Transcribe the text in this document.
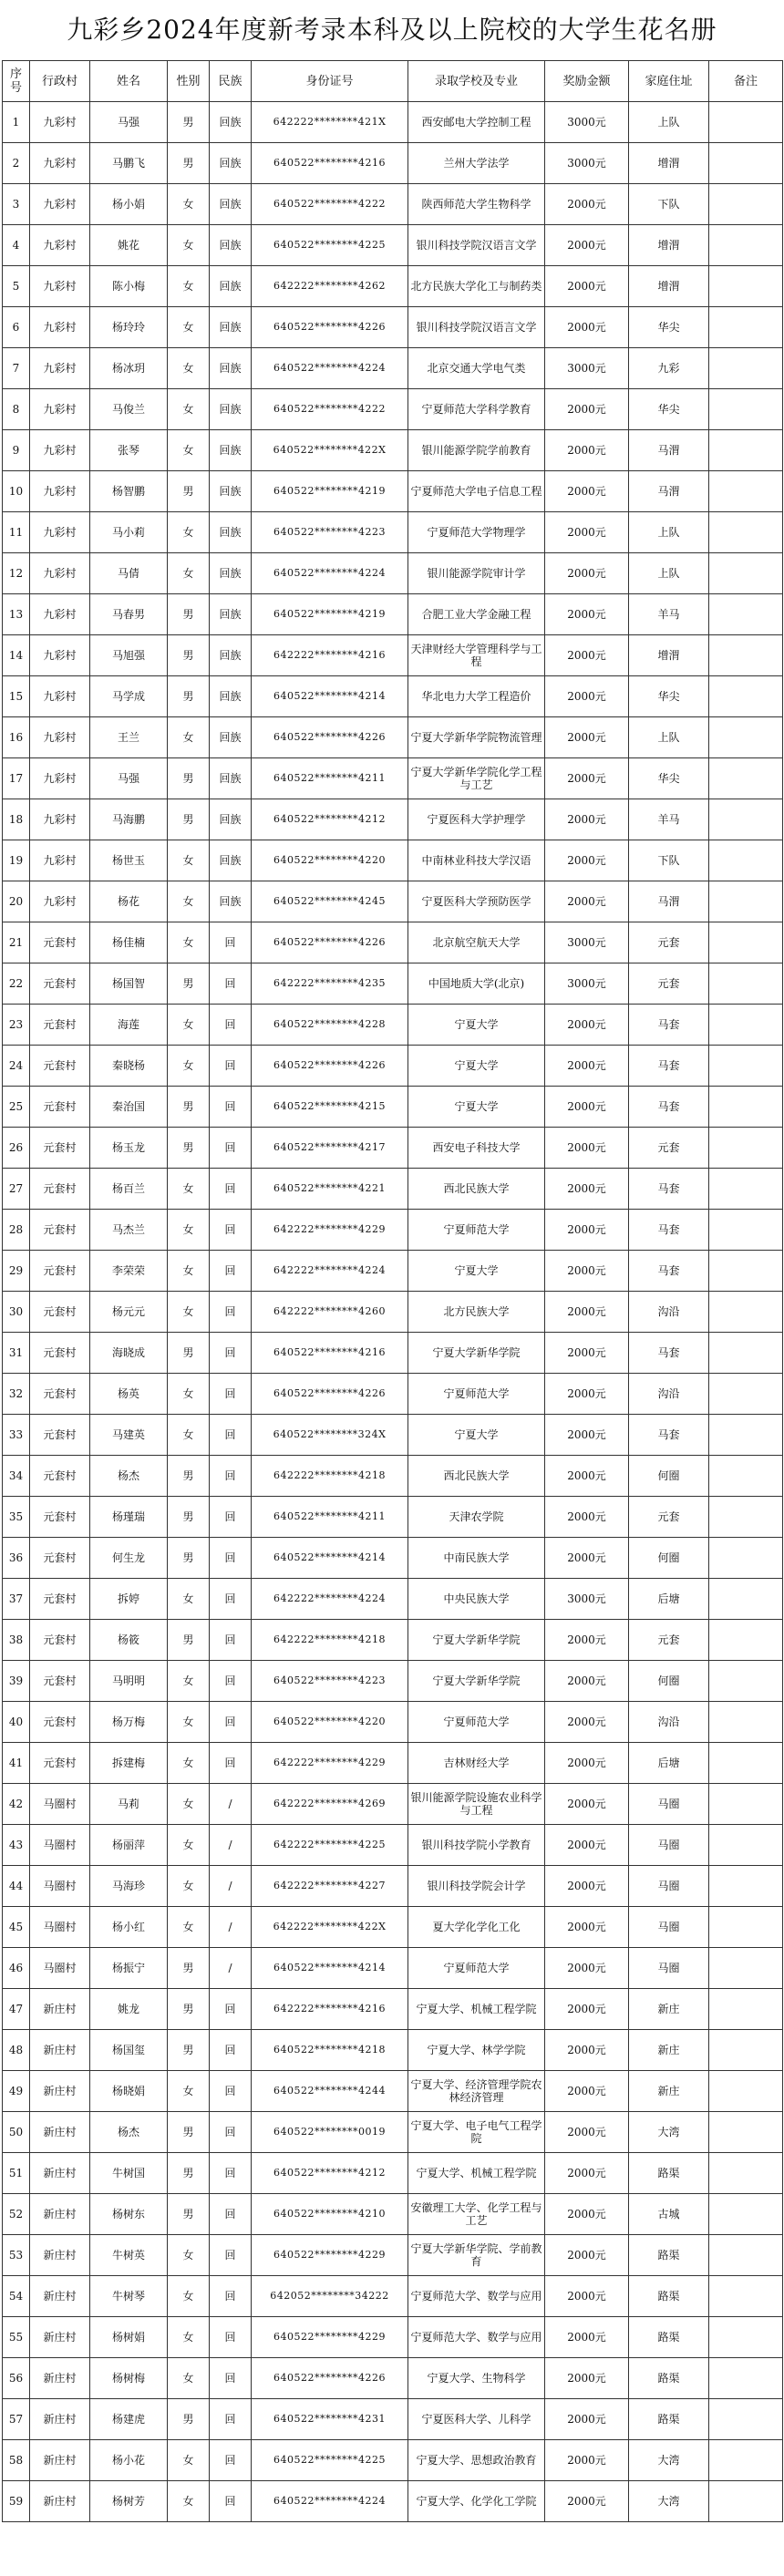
九彩乡2024年度新考录本科及以上院校的大学生花名册
序号	行政村	姓名	性别	民族	身份证号	录取学校及专业	奖励金额	家庭住址	备注
1	九彩村	马强	男	回族	642222********421X	西安邮电大学控制工程	3000元	上队	
2	九彩村	马鹏飞	男	回族	640522********4216	兰州大学法学	3000元	增渭	
3	九彩村	杨小娟	女	回族	640522********4222	陕西师范大学生物科学	2000元	下队	
4	九彩村	姚花	女	回族	640522********4225	银川科技学院汉语言文学	2000元	增渭	
5	九彩村	陈小梅	女	回族	642222********4262	北方民族大学化工与制药类	2000元	增渭	
6	九彩村	杨玲玲	女	回族	640522********4226	银川科技学院汉语言文学	2000元	华尖	
7	九彩村	杨冰玥	女	回族	640522********4224	北京交通大学电气类	3000元	九彩	
8	九彩村	马俊兰	女	回族	640522********4222	宁夏师范大学科学教育	2000元	华尖	
9	九彩村	张琴	女	回族	640522********422X	银川能源学院学前教育	2000元	马渭	
10	九彩村	杨智鹏	男	回族	640522********4219	宁夏师范大学电子信息工程	2000元	马渭	
11	九彩村	马小莉	女	回族	640522********4223	宁夏师范大学物理学	2000元	上队	
12	九彩村	马倩	女	回族	640522********4224	银川能源学院审计学	2000元	上队	
13	九彩村	马春男	男	回族	640522********4219	合肥工业大学金融工程	2000元	羊马	
14	九彩村	马旭强	男	回族	642222********4216	天津财经大学管理科学与工程	2000元	增渭	
15	九彩村	马学成	男	回族	640522********4214	华北电力大学工程造价	2000元	华尖	
16	九彩村	王兰	女	回族	640522********4226	宁夏大学新华学院物流管理	2000元	上队	
17	九彩村	马强	男	回族	640522********4211	宁夏大学新华学院化学工程与工艺	2000元	华尖	
18	九彩村	马海鹏	男	回族	640522********4212	宁夏医科大学护理学	2000元	羊马	
19	九彩村	杨世玉	女	回族	640522********4220	中南林业科技大学汉语	2000元	下队	
20	九彩村	杨花	女	回族	640522********4245	宁夏医科大学预防医学	2000元	马渭	
21	元套村	杨佳楠	女	回	640522********4226	北京航空航天大学	3000元	元套	
22	元套村	杨国智	男	回	642222********4235	中国地质大学(北京)	3000元	元套	
23	元套村	海莲	女	回	640522********4228	宁夏大学	2000元	马套	
24	元套村	秦晓杨	女	回	640522********4226	宁夏大学	2000元	马套	
25	元套村	秦治国	男	回	640522********4215	宁夏大学	2000元	马套	
26	元套村	杨玉龙	男	回	640522********4217	西安电子科技大学	2000元	元套	
27	元套村	杨百兰	女	回	640522********4221	西北民族大学	2000元	马套	
28	元套村	马杰兰	女	回	642222********4229	宁夏师范大学	2000元	马套	
29	元套村	李荣荣	女	回	642222********4224	宁夏大学	2000元	马套	
30	元套村	杨元元	女	回	642222********4260	北方民族大学	2000元	沟沿	
31	元套村	海晓成	男	回	640522********4216	宁夏大学新华学院	2000元	马套	
32	元套村	杨英	女	回	640522********4226	宁夏师范大学	2000元	沟沿	
33	元套村	马建英	女	回	640522********324X	宁夏大学	2000元	马套	
34	元套村	杨杰	男	回	642222********4218	西北民族大学	2000元	何圈	
35	元套村	杨瑾瑞	男	回	640522********4211	天津农学院	2000元	元套	
36	元套村	何生龙	男	回	640522********4214	中南民族大学	2000元	何圈	
37	元套村	拆婷	女	回	642222********4224	中央民族大学	3000元	后塘	
38	元套村	杨筱	男	回	642222********4218	宁夏大学新华学院	2000元	元套	
39	元套村	马明明	女	回	640522********4223	宁夏大学新华学院	2000元	何圈	
40	元套村	杨万梅	女	回	640522********4220	宁夏师范大学	2000元	沟沿	
41	元套村	拆建梅	女	回	642222********4229	吉林财经大学	2000元	后塘	
42	马圈村	马莉	女	/	642222********4269	银川能源学院设施农业科学与工程	2000元	马圈	
43	马圈村	杨丽萍	女	/	642222********4225	银川科技学院小学教育	2000元	马圈	
44	马圈村	马海珍	女	/	642222********4227	银川科技学院会计学	2000元	马圈	
45	马圈村	杨小红	女	/	642222********422X	夏大学化学化工化	2000元	马圈	
46	马圈村	杨振宁	男	/	640522********4214	宁夏师范大学	2000元	马圈	
47	新庄村	姚龙	男	回	642222********4216	宁夏大学、机械工程学院	2000元	新庄	
48	新庄村	杨国玺	男	回	640522********4218	宁夏大学、林学学院	2000元	新庄	
49	新庄村	杨晓娟	女	回	640522********4244	宁夏大学、经济管理学院农林经济管理	2000元	新庄	
50	新庄村	杨杰	男	回	640522********0019	宁夏大学、电子电气工程学院	2000元	大湾	
51	新庄村	牛树国	男	回	640522********4212	宁夏大学、机械工程学院	2000元	路渠	
52	新庄村	杨树东	男	回	640522********4210	安徽理工大学、化学工程与工艺	2000元	古城	
53	新庄村	牛树英	女	回	640522********4229	宁夏大学新华学院、学前教育	2000元	路渠	
54	新庄村	牛树琴	女	回	642052********34222	宁夏师范大学、数学与应用	2000元	路渠	
55	新庄村	杨树娟	女	回	640522********4229	宁夏师范大学、数学与应用	2000元	路渠	
56	新庄村	杨树梅	女	回	640522********4226	宁夏大学、生物科学	2000元	路渠	
57	新庄村	杨建虎	男	回	640522********4231	宁夏医科大学、儿科学	2000元	路渠	
58	新庄村	杨小花	女	回	640522********4225	宁夏大学、思想政治教育	2000元	大湾	
59	新庄村	杨树芳	女	回	640522********4224	宁夏大学、化学化工学院	2000元	大湾	
